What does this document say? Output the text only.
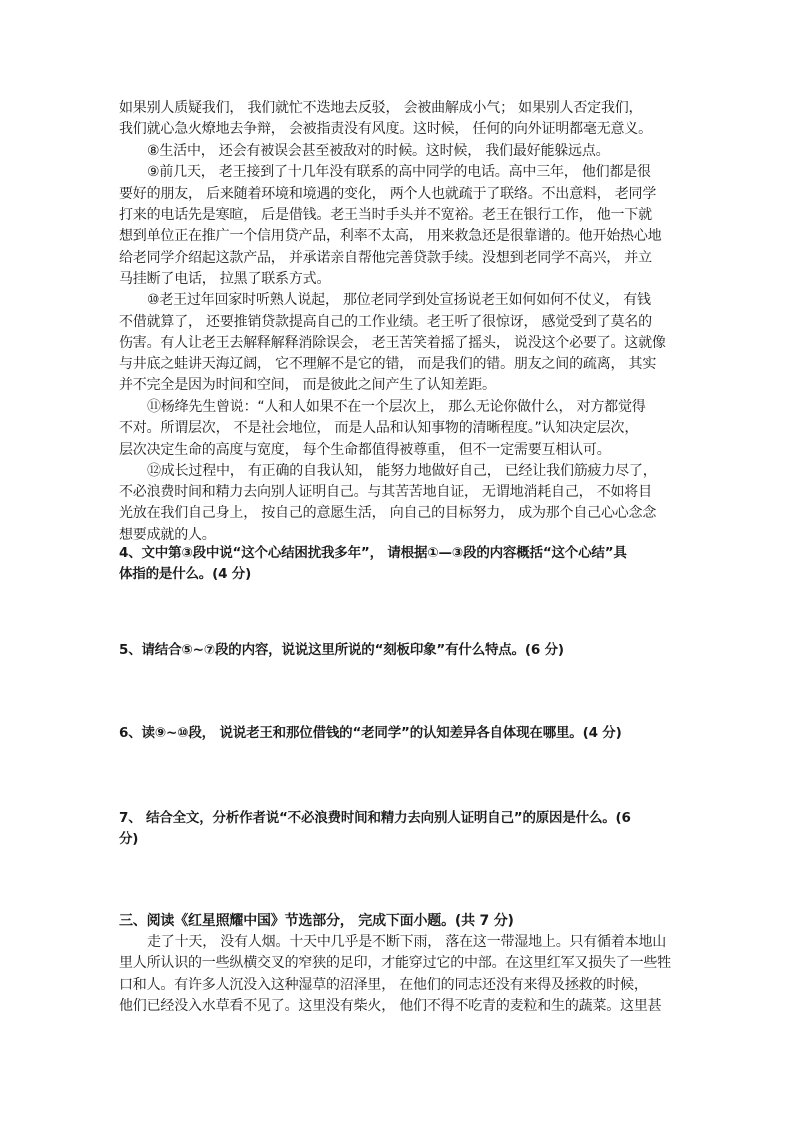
如果别人质疑我们， 我们就忙不迭地去反驳， 会被曲解成小气； 如果别人否定我们，
我们就心急火燎地去争辩， 会被指责没有风度。这时候， 任何的向外证明都毫无意义。
⑧生活中， 还会有被误会甚至被敌对的时候。这时候， 我们最好能躲远点。
⑨前几天， 老王接到了十几年没有联系的高中同学的电话。高中三年， 他们都是很
要好的朋友， 后来随着环境和境遇的变化， 两个人也就疏于了联络。不出意料， 老同学
打来的电话先是寒暄， 后是借钱。老王当时手头并不宽裕。老王在银行工作， 他一下就
想到单位正在推广一个信用贷产品，利率不太高， 用来救急还是很靠谱的。他开始热心地
给老同学介绍起这款产品， 并承诺亲自帮他完善贷款手续。没想到老同学不高兴， 并立
马挂断了电话， 拉黑了联系方式。
⑩老王过年回家时听熟人说起， 那位老同学到处宣扬说老王如何如何不仗义， 有钱
不借就算了， 还要推销贷款提高自己的工作业绩。老王听了很惊讶， 感觉受到了莫名的
伤害。有人让老王去解释解释消除误会， 老王苦笑着摇了摇头， 说没这个必要了。这就像
与井底之蛙讲天海辽阔， 它不理解不是它的错， 而是我们的错。朋友之间的疏离， 其实
并不完全是因为时间和空间， 而是彼此之间产生了认知差距。
⑪杨绛先生曾说：“人和人如果不在一个层次上， 那么无论你做什么， 对方都觉得
不对。所谓层次， 不是社会地位， 而是人品和认知事物的清晰程度。”认知决定层次，
层次决定生命的高度与宽度， 每个生命都值得被尊重， 但不一定需要互相认可。
⑫成长过程中， 有正确的自我认知， 能努力地做好自己， 已经让我们筋疲力尽了，
不必浪费时间和精力去向别人证明自己。与其苦苦地自证， 无谓地消耗自己， 不如将目
光放在我们自己身上， 按自己的意愿生活， 向自己的目标努力， 成为那个自己心心念念
想要成就的人。
4、文中第③段中说“这个心结困扰我多年”， 请根据①—③段的内容概括“这个心结”具
体指的是什么。(4 分)
5、请结合⑤~⑦段的内容，说说这里所说的“刻板印象”有什么特点。(6 分)
6、读⑨~⑩段， 说说老王和那位借钱的“老同学”的认知差异各自体现在哪里。(4 分)
7、 结合全文，分析作者说“不必浪费时间和精力去向别人证明自己”的原因是什么。(6
分)
三、阅读《红星照耀中国》节选部分， 完成下面小题。(共 7 分)
走了十天， 没有人烟。十天中几乎是不断下雨， 落在这一带湿地上。只有循着本地山
里人所认识的一些纵横交叉的窄狭的足印，才能穿过它的中部。在这里红军又损失了一些牲
口和人。有许多人沉没入这种湿草的沼泽里， 在他们的同志还没有来得及拯救的时候，
他们已经没入水草看不见了。这里没有柴火， 他们不得不吃青的麦粒和生的蔬菜。这里甚
